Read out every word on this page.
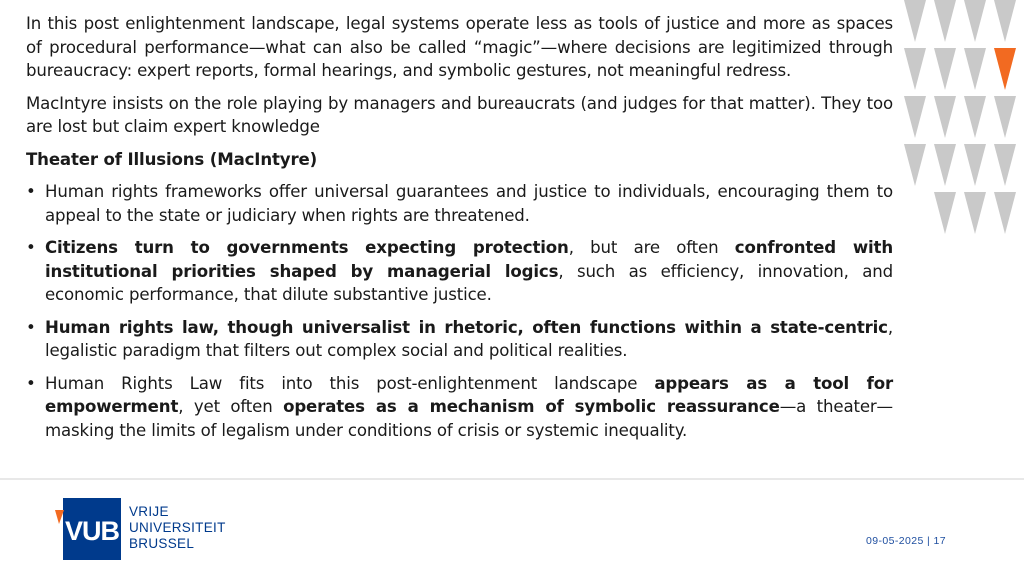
In this post enlightenment landscape, legal systems operate less as tools of justice and more as spaces of procedural performance—what can also be called “magic”—where decisions are legitimized through bureaucracy: expert reports, formal hearings, and symbolic gestures, not meaningful redress.

MacIntyre insists on the role playing by managers and bureaucrats (and judges for that matter). They too are lost but claim expert knowledge

Theater of Illusions (MacIntyre)

• Human rights frameworks offer universal guarantees and justice to individuals, encouraging them to appeal to the state or judiciary when rights are threatened.
• Citizens turn to governments expecting protection, but are often confronted with institutional priorities shaped by managerial logics, such as efficiency, innovation, and economic performance, that dilute substantive justice.
• Human rights law, though universalist in rhetoric, often functions within a state-centric, legalistic paradigm that filters out complex social and political realities.
• Human Rights Law fits into this post-enlightenment landscape appears as a tool for empowerment, yet often operates as a mechanism of symbolic reassurance—a theater—masking the limits of legalism under conditions of crisis or systemic inequality.
VUB
VRIJE
UNIVERSITEIT
BRUSSEL	09-05-2025 | 17
